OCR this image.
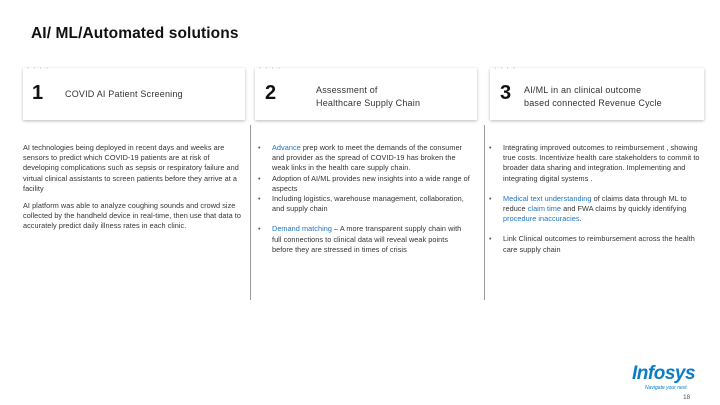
AI/ ML/Automated solutions
· · · ·
1 COVID AI Patient Screening
· · · ·
2	Assessment of
Healthcare Supply Chain
· · · ·
3 AI/ML in an clinical outcome
based connected Revenue Cycle

AI technologies being deployed in recent days and weeks are sensors to predict which COVID-19 patients are at risk of developing complications such as sepsis or respiratory failure and virtual clinical assistants to screen patients before they arrive at a facility

AI platform was able to analyze coughing sounds and crowd size collected by the handheld device in real-time, then use that data to accurately predict daily illness rates in each clinic.

• Advance prep work to meet the demands of the consumer and provider as the spread of COVID-19 has broken the weak links in the health care supply chain.
• Adoption of AI/ML provides new insights into a wide range of aspects
• Including logistics, warehouse management, collaboration, and supply chain
• Demand matching – A more transparent supply chain with full connections to clinical data will reveal weak points before they are stressed in times of crisis
• Integrating improved outcomes to reimbursement , showing true costs. Incentivize health care stakeholders to commit to broader data sharing and integration. Implementing and integrating digital systems .
• Medical text understanding of claims data through ML to reduce claim time and FWA claims by quickly identifying procedure inaccuracies.
• Link Clinical outcomes to reimbursement across the health care supply chain
Infosys
Navigate your next
18
